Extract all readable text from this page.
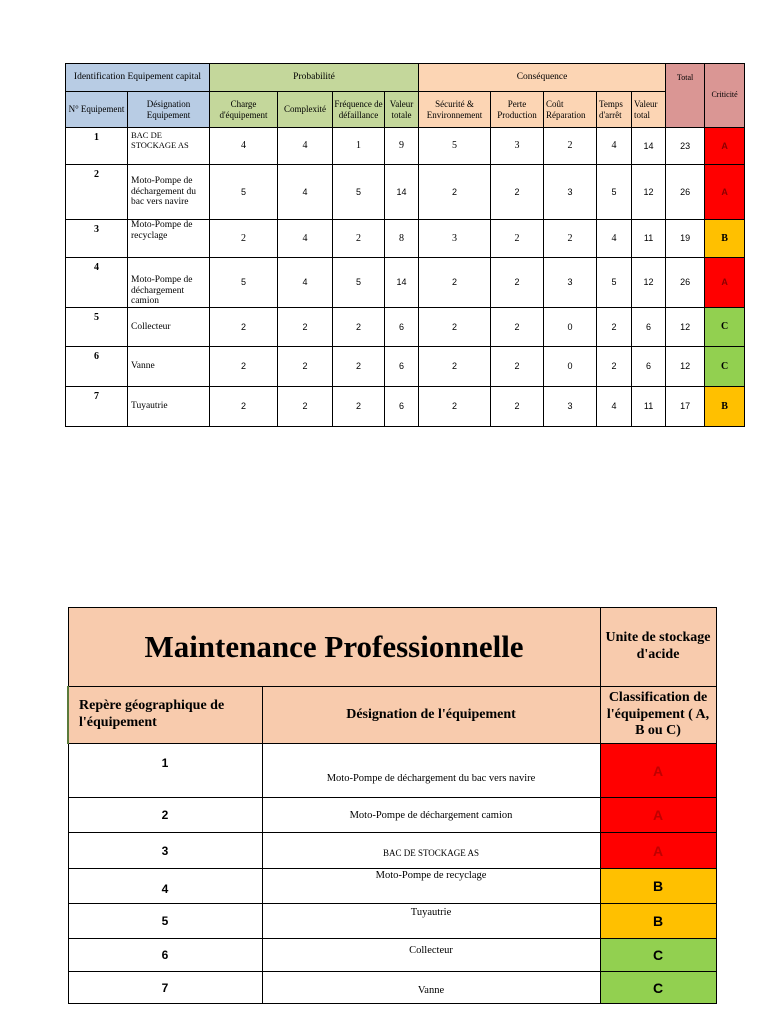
Identification Equipement capital		Probabilité				Conséquence					Total	Criticité
N° Equipement	Désignation Equipement	Charge d'équipement	Complexité	Fréquence de défaillance	Valeur totale	Sécurité & Environnement	Perte Production	Coût Réparation	Temps d'arrêt	Valeur total		
1	BAC DE STOCKAGE AS	4	4	1	9	5	3	2	4	14	23	A
2	Moto-Pompe de déchargement du bac vers navire	5	4	5	14	2	2	3	5	12	26	A
3	Moto-Pompe de recyclage	2	4	2	8	3	2	2	4	11	19	B
4	Moto-Pompe de déchargement camion	5	4	5	14	2	2	3	5	12	26	A
5	Collecteur	2	2	2	6	2	2	0	2	6	12	C
6	Vanne	2	2	2	6	2	2	0	2	6	12	C
7	Tuyautrie	2	2	2	6	2	2	3	4	11	17	B
Maintenance Professionnelle		Unite de stockage d'acide
Repère géographique de l'équipement	Désignation de l'équipement	Classification de l'équipement ( A, B ou C)
1	Moto-Pompe de déchargement du bac vers navire	A
2	Moto-Pompe de déchargement camion	A
3	BAC DE STOCKAGE AS	A
4	Moto-Pompe de recyclage	B
5	Tuyautrie	B
6	Collecteur	C
7	Vanne	C
